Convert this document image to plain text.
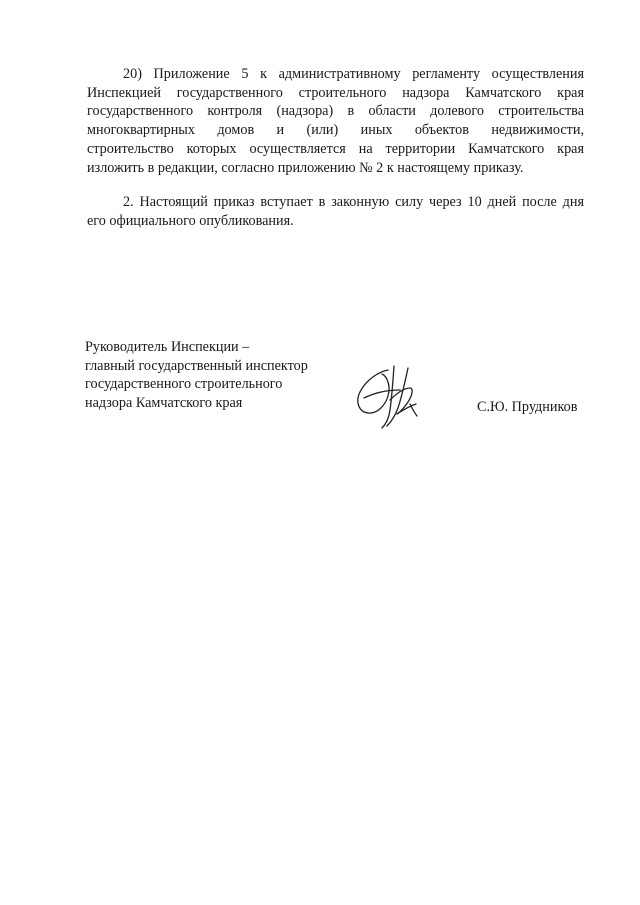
20) Приложение 5 к административному регламенту осуществления
Инспекцией государственного строительного надзора Камчатского края
государственного контроля (надзора) в области долевого строительства
многоквартирных домов и (или) иных объектов недвижимости,
строительство которых осуществляется на территории Камчатского края
изложить в редакции, согласно приложению № 2 к настоящему приказу.
2. Настоящий приказ вступает в законную силу через 10 дней после дня
его официального опубликования.
Руководитель Инспекции –
главный государственный инспектор
государственного строительного
надзора Камчатского края	С.Ю. Прудников
